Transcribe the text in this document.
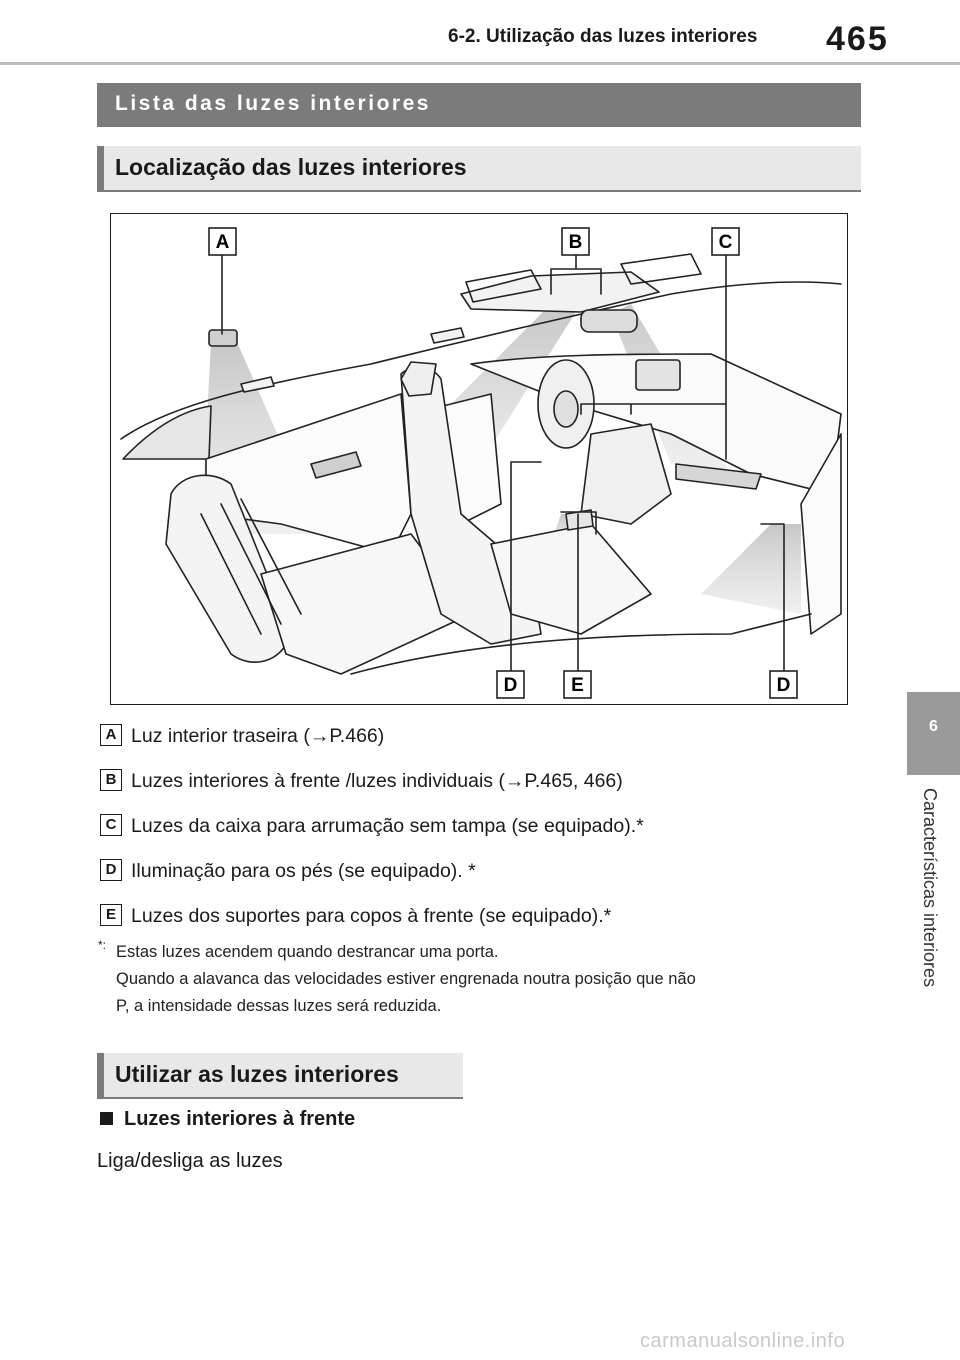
6-2. Utilização das luzes interiores 465
6
Características interiores
Lista das luzes interiores
Localização das luzes interiores
A	B	C
D	E	D
A Luz interior traseira (→P.466)
B Luzes interiores à frente /luzes individuais (→P.465, 466)
C Luzes da caixa para arrumação sem tampa (se equipado).*
D Iluminação para os pés (se equipado). *
E Luzes dos suportes para copos à frente (se equipado).*
*: Estas luzes acendem quando destrancar uma porta.
Quando a alavanca das velocidades estiver engrenada noutra posição que não
P, a intensidade dessas luzes será reduzida.
Utilizar as luzes interiores
Luzes interiores à frente
Liga/desliga as luzes
carmanualsonline.info
